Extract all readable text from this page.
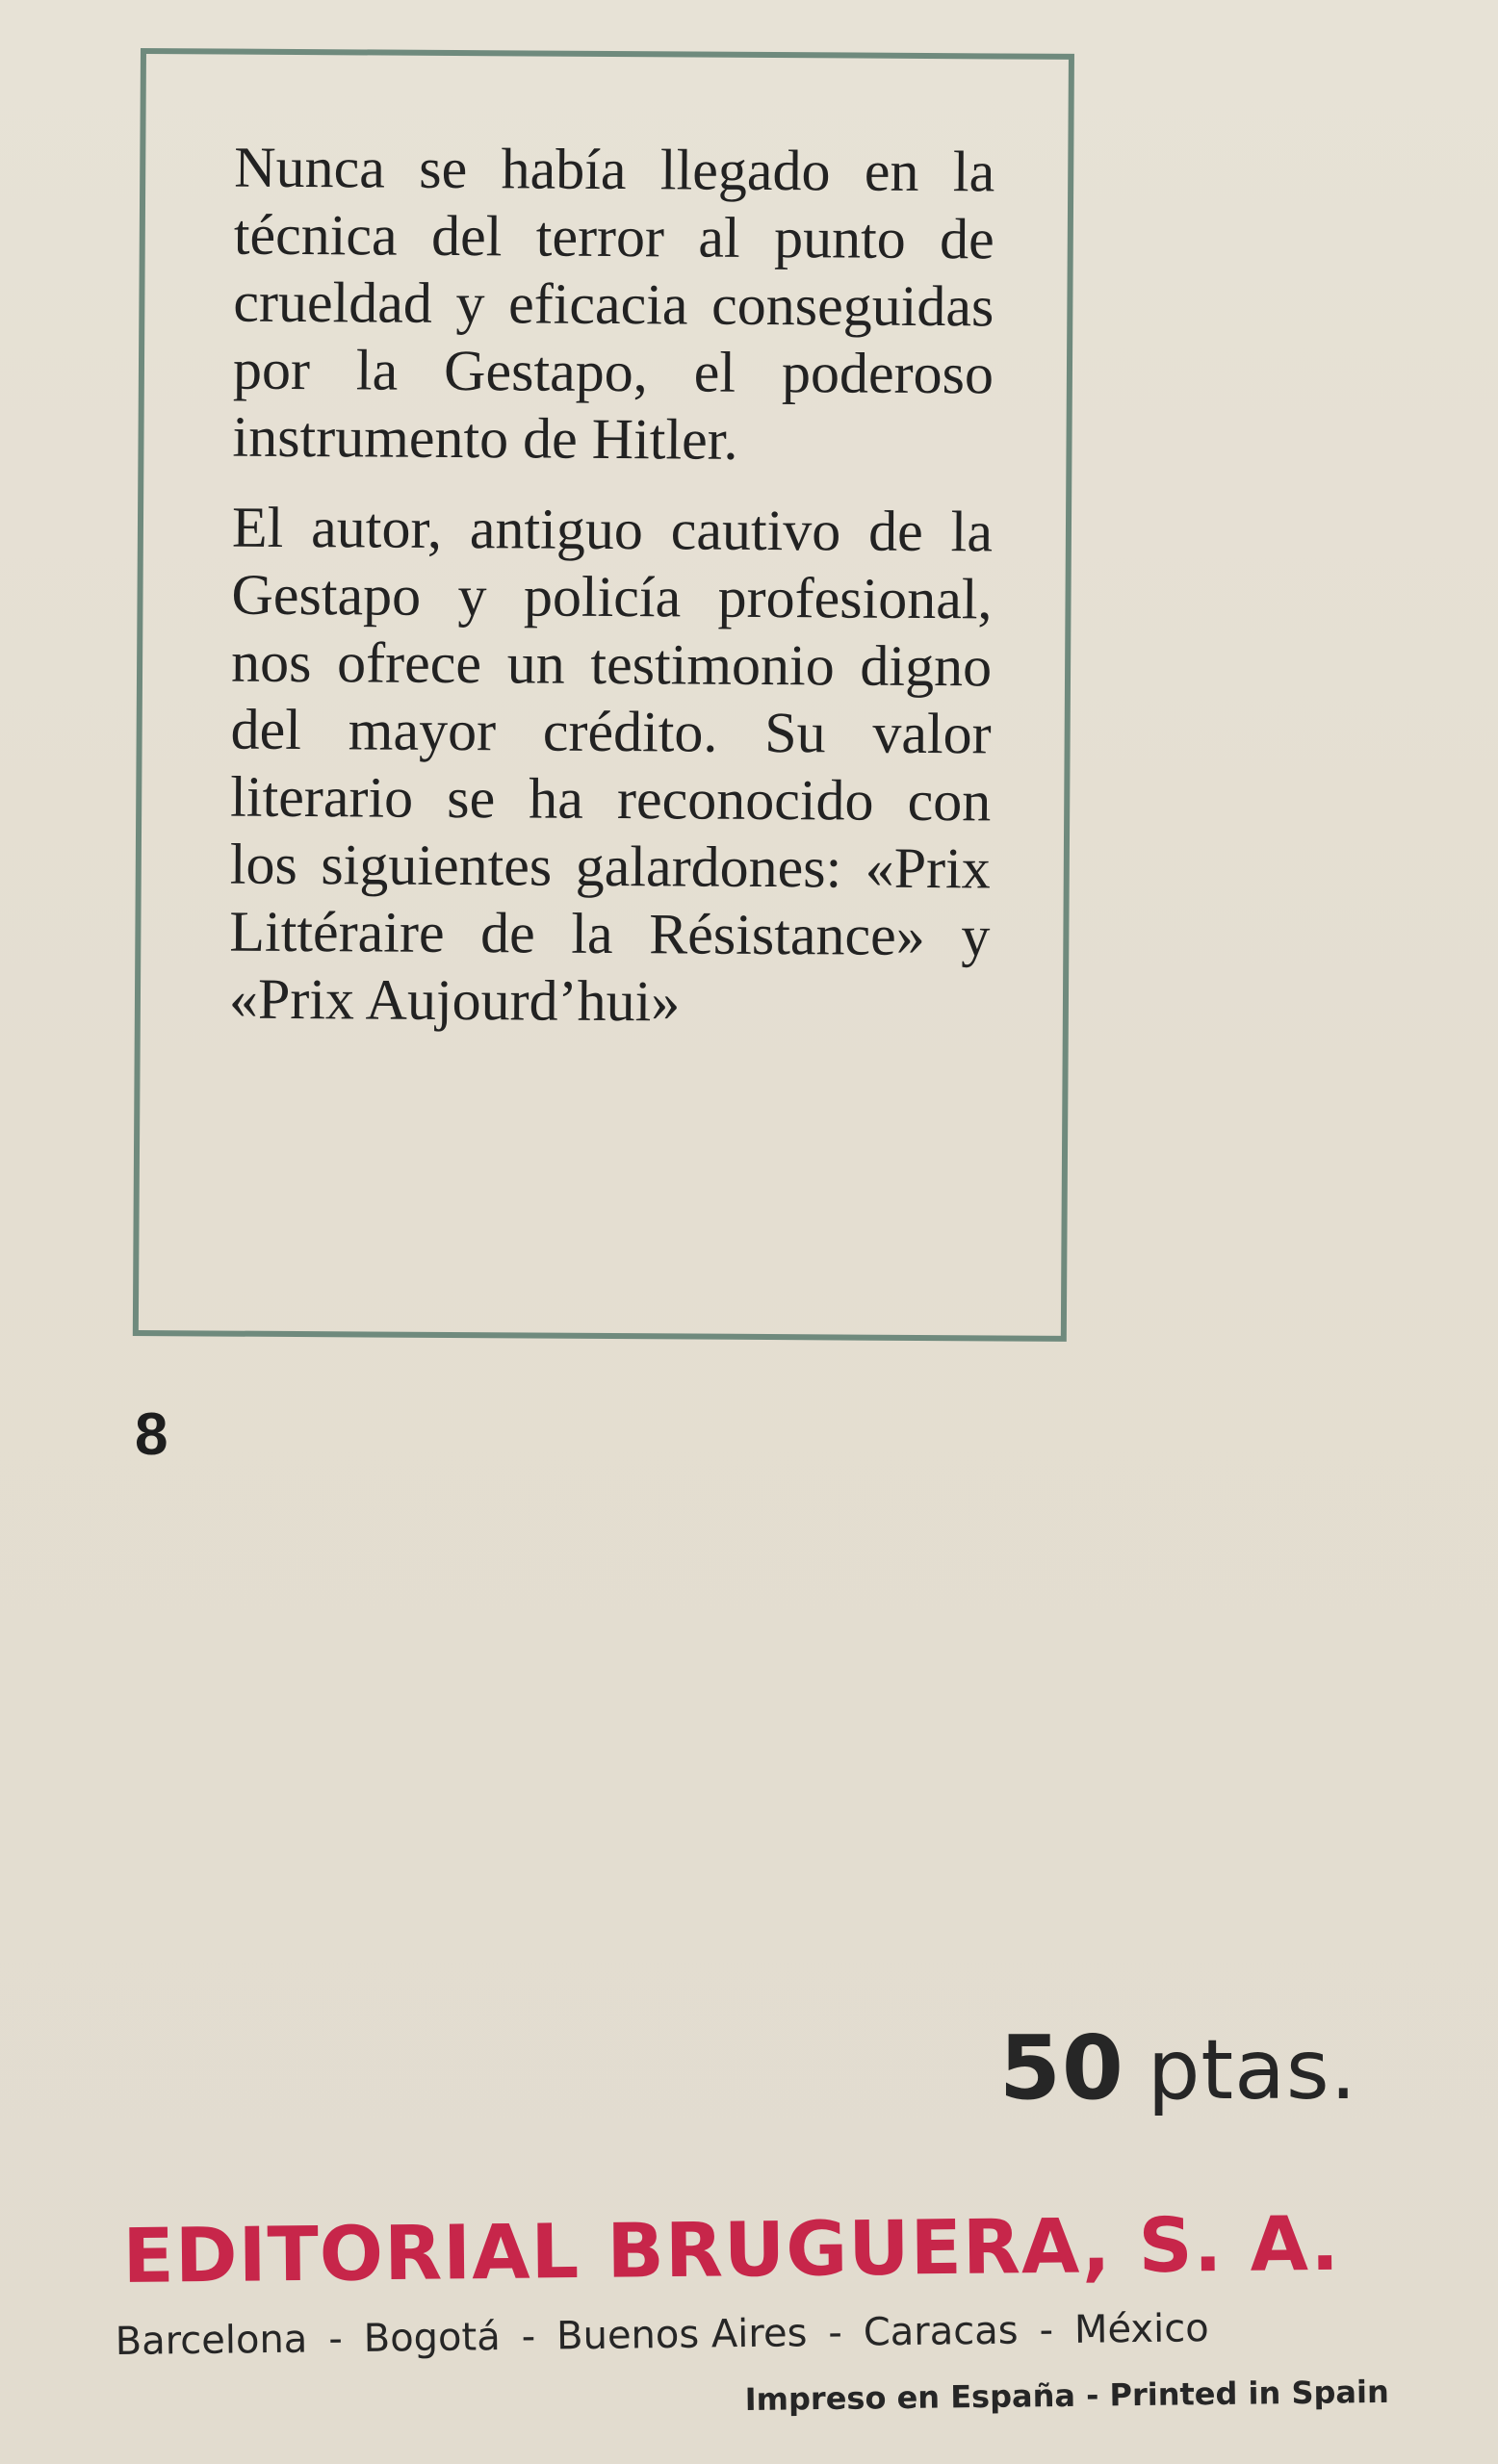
Nunca se había llegado en la técnica del terror al punto de crueldad y eficacia conseguidas por la Gestapo, el poderoso instrumento de Hitler.

El autor, antiguo cautivo de la Gestapo y policía profesional, nos ofrece un testimonio digno del mayor crédito. Su valor literario se ha reconocido con los siguientes galardones: «Prix Littéraire de la Résistance» y «Prix Aujourd’hui»

8
50 ptas.
EDITORIAL BRUGUERA, S. A.
Barcelona - Bogotá - Buenos Aires - Caracas - México
Impreso en España - Printed in Spain
